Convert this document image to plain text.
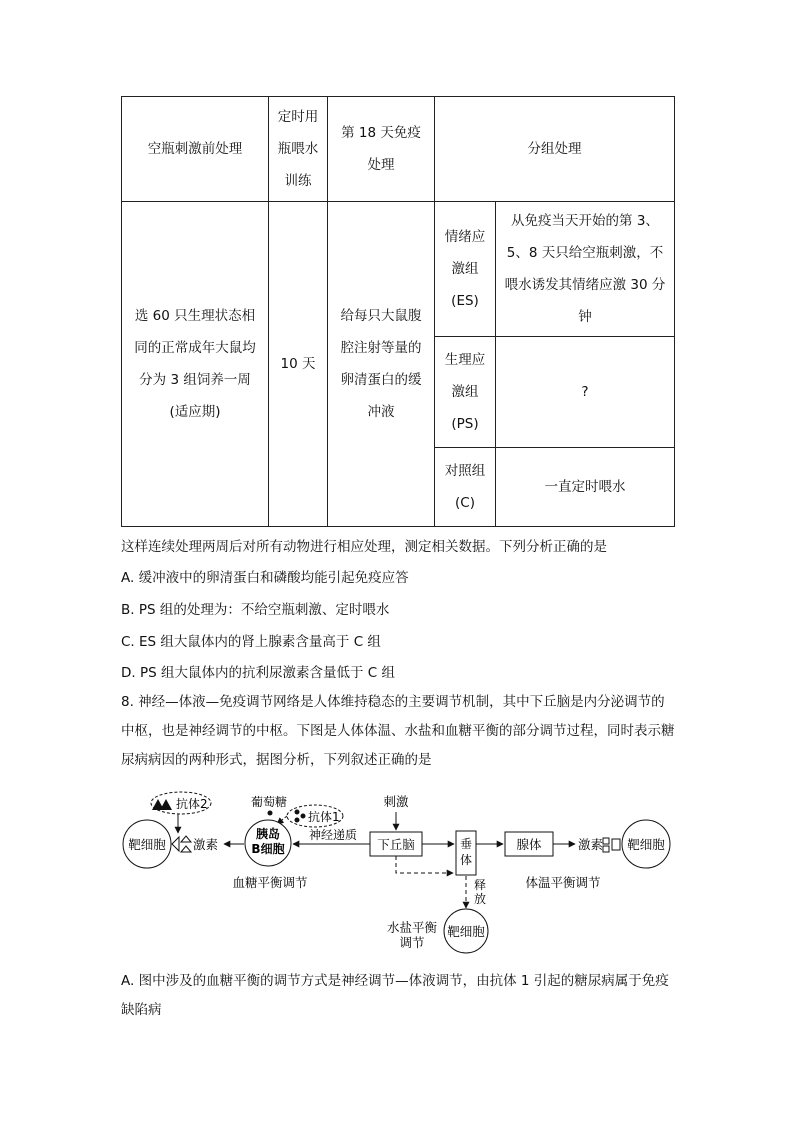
空瓶刺激前处理	定时用瓶喂水训练	第 18 天免疫处理	分组处理	
选 60 只生理状态相同的正常成年大鼠均分为 3 组饲养一周(适应期)	10 天	给每只大鼠腹腔注射等量的卵清蛋白的缓冲液	情绪应激组(ES)	从免疫当天开始的第 3、5、8 天只给空瓶刺激，不喂水诱发其情绪应激 30 分钟
			生理应激组(PS)	?
			对照组(C)	一直定时喂水
这样连续处理两周后对所有动物进行相应处理，测定相关数据。下列分析正确的是
A. 缓冲液中的卵清蛋白和磷酸均能引起免疫应答
B. PS 组的处理为：不给空瓶刺激、定时喂水
C. ES 组大鼠体内的肾上腺素含量高于 C 组
D. PS 组大鼠体内的抗利尿激素含量低于 C 组
8. 神经—体液—免疫调节网络是人体维持稳态的主要调节机制，其中下丘脑是内分泌调节的中枢，也是神经调节的中枢。下图是人体体温、水盐和血糖平衡的部分调节过程，同时表示糖尿病病因的两种形式，据图分析，下列叙述正确的是
抗体2	葡萄糖
抗体1
靶细胞 激素
胰岛
B细胞
神经递质
刺激
下丘脑	垂
体
释
放
腺体	激素 靶细胞
靶细胞
血糖平衡调节	体温平衡调节
水盐平衡
调节
A. 图中涉及的血糖平衡的调节方式是神经调节—体液调节，由抗体 1 引起的糖尿病属于免疫缺陷病
